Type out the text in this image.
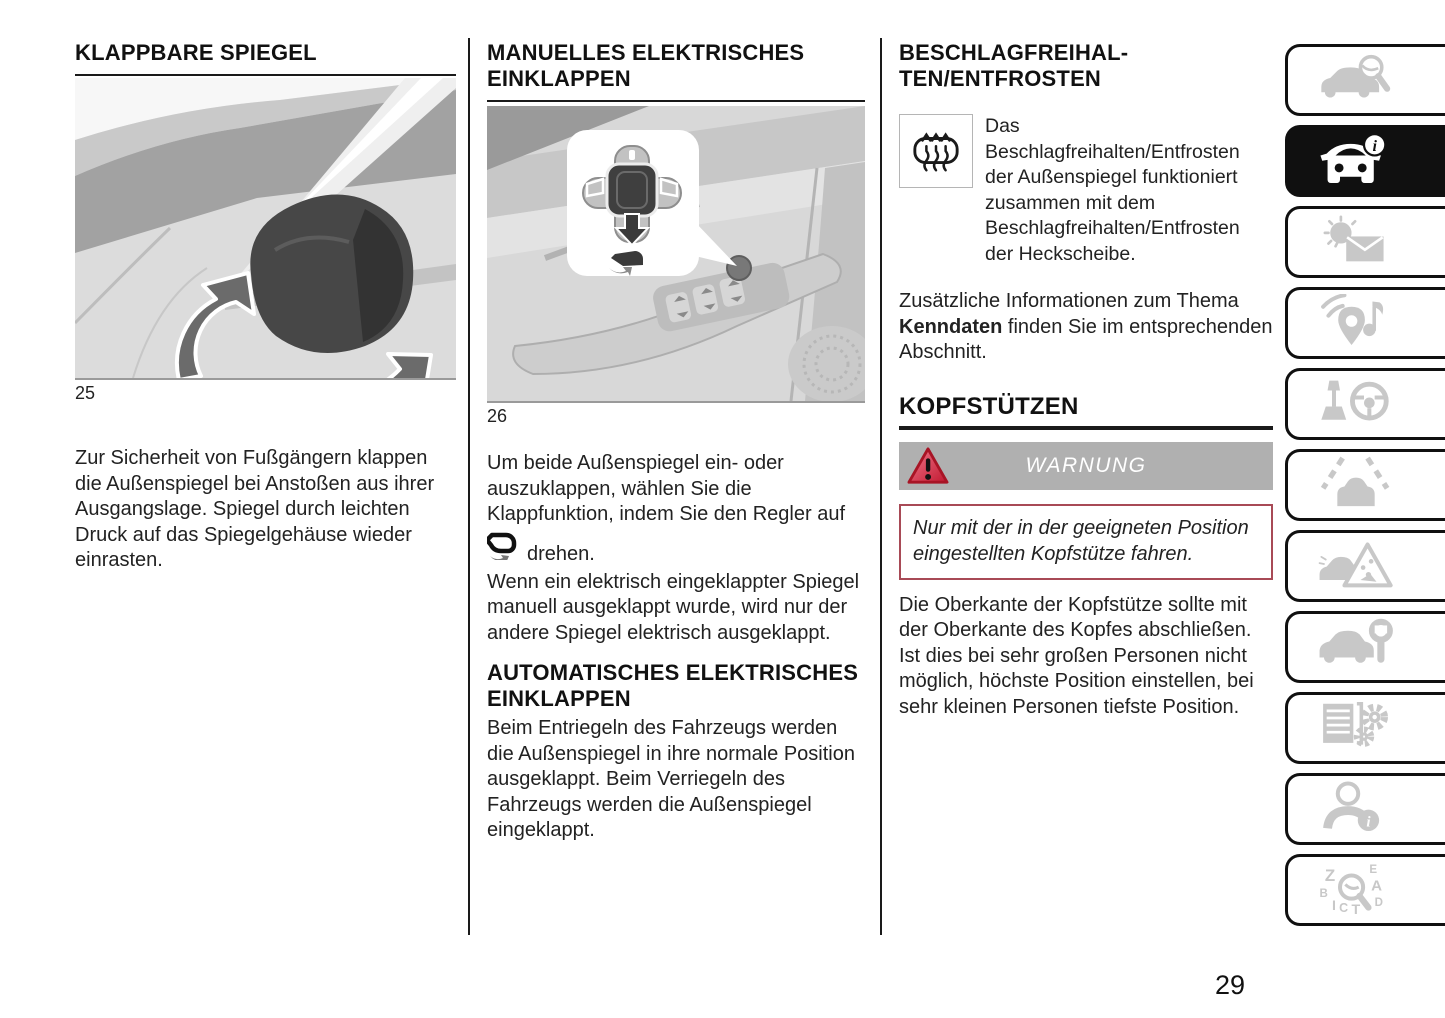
KLAPPBARE SPIEGEL
25

Zur Sicherheit von Fußgängern klappen die Außenspiegel bei Anstoßen aus ihrer Ausgangslage. Spiegel durch leichten Druck auf das Spiegelgehäuse wieder einrasten.

MANUELLES ELEKTRISCHES EINKLAPPEN
26

Um beide Außenspiegel ein- oder auszuklappen, wählen Sie die Klappfunktion, indem Sie den Regler auf

drehen.

Wenn ein elektrisch eingeklappter Spiegel manuell ausgeklappt wurde, wird nur der andere Spiegel elektrisch ausgeklappt.

AUTOMATISCHES ELEKTRISCHES EINKLAPPEN

Beim Entriegeln des Fahrzeugs werden die Außenspiegel in ihre normale Position ausgeklappt. Beim Verriegeln des Fahrzeugs werden die Außenspiegel eingeklappt.

BESCHLAGFREIHAL-
TEN/ENTFROSTEN

Das Beschlagfreihalten/Entfrosten der Außenspiegel funktioniert zusammen mit dem Beschlagfreihalten/Entfrosten der Heckscheibe.

Zusätzliche Informationen zum Thema Kenndaten finden Sie im entsprechenden Abschnitt.

KOPFSTÜTZEN
WARNUNG

Nur mit der in der geeigneten Position eingestellten Kopfstütze fahren.

Die Oberkante der Kopfstütze sollte mit der Oberkante des Kopfes abschließen. Ist dies bei sehr großen Personen nicht möglich, höchste Position einstellen, bei sehr kleinen Personen tiefste Position.

i
i
Z	E
B	A
I C T D
29
